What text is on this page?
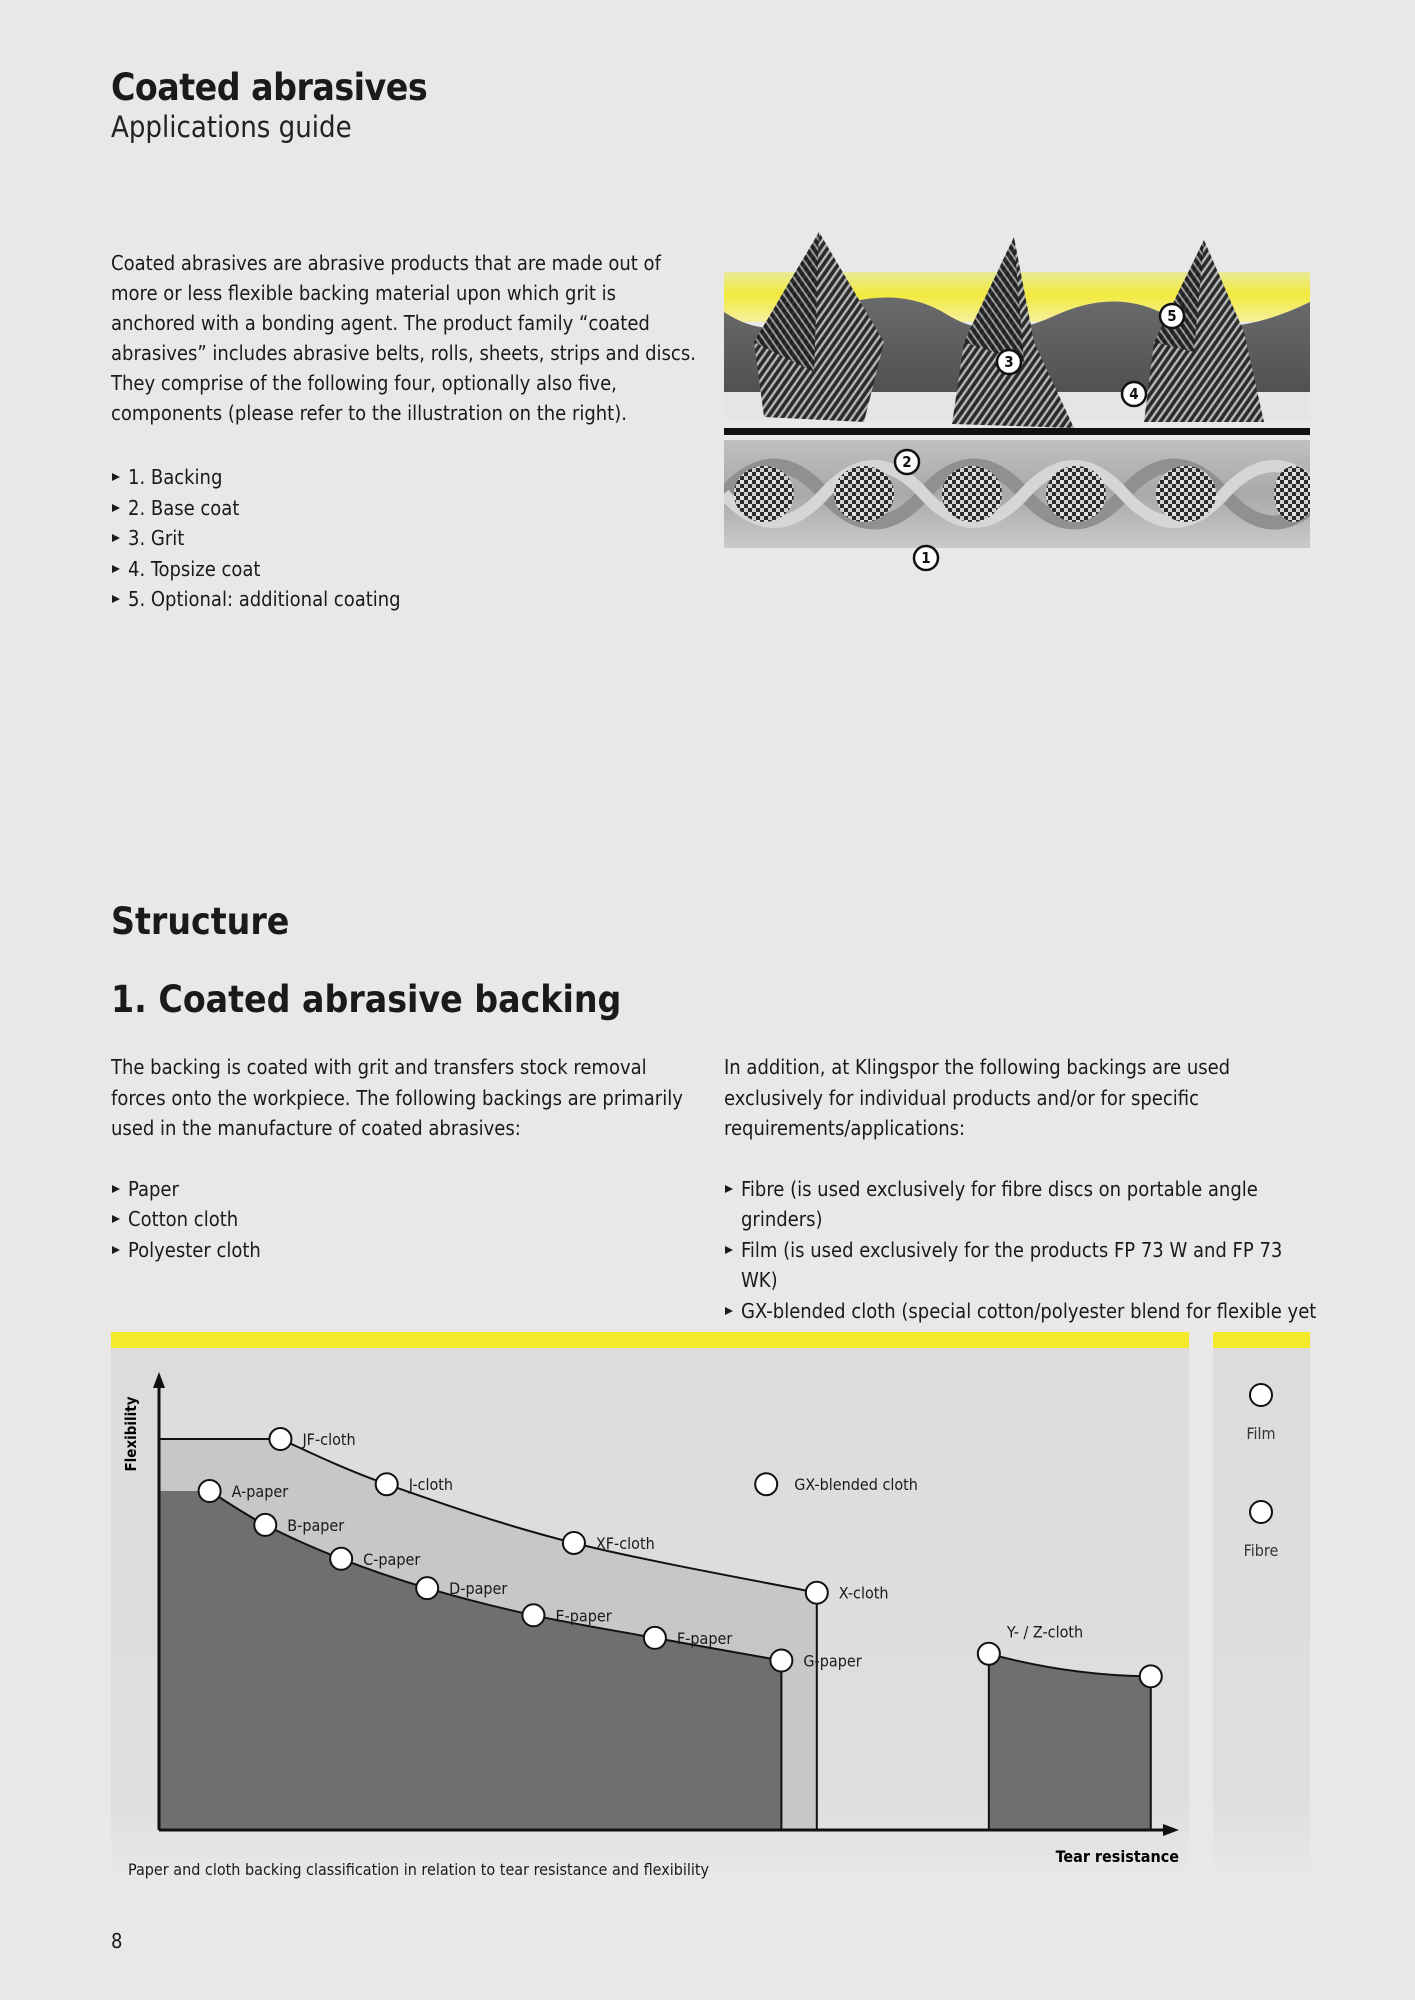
Coated abrasives
Applications guide
Coated abrasives are abrasive products that are made out of more or less flexible backing material upon which grit is anchored with a bonding agent. The product family “coated abrasives” includes abrasive belts, rolls, sheets, strips and discs. They comprise of the following four, optionally also five, components (please refer to the illustration on the right).
1. Backing
2. Base coat
3. Grit
4. Topsize coat
5. Optional: additional coating
1
2
3
4
5
Structure
1. Coated abrasive backing
The backing is coated with grit and transfers stock removal forces onto the workpiece. The following backings are primarily used in the manufacture of coated abrasives:
Paper
Cotton cloth
Polyester cloth
In addition, at Klingspor the following backings are used exclusively for individual products and/or for specific requirements/applications:
Fibre (is used exclusively for fibre discs on portable angle grinders)
Film (is used exclusively for the products FP 73 W and FP 73 WK)
GX-blended cloth (special cotton/polyester blend for flexible yet
Flexibility
Tear resistance
A-paper
B-paper
C-paper
D-paper
E-paper
F-paper
G-paper
JF-cloth
J-cloth
XF-cloth
X-cloth
Y- / Z-cloth
GX-blended cloth
Film
Fibre
Paper and cloth backing classification in relation to tear resistance and flexibility
8
